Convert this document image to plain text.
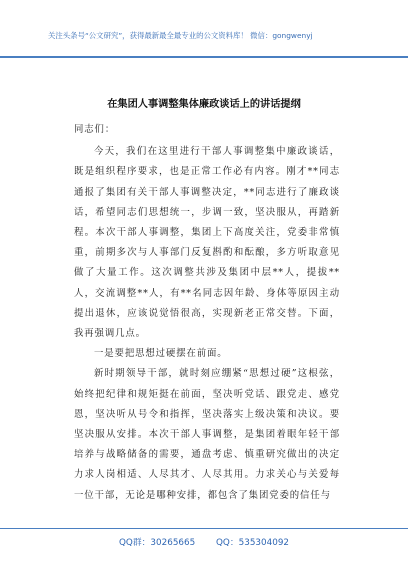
关注头条号“公文研究”，获得最新最全最专业的公文资料库！ 微信：gongwenyj
在集团人事调整集体廉政谈话上的讲话提纲

同志们：

今天，我们在这里进行干部人事调整集中廉政谈话，既是组织程序要求，也是正常工作必有内容。刚才**同志通报了集团有关干部人事调整决定，**同志进行了廉政谈话，希望同志们思想统一，步调一致，坚决服从，再踏新程。本次干部人事调整，集团上下高度关注，党委非常慎重，前期多次与人事部门反复斟酌和酝酿，多方听取意见做了大量工作。这次调整共涉及集团中层**人，提拔**人，交流调整**人，有**名同志因年龄、身体等原因主动提出退休，应该说觉悟很高，实现新老正常交替。下面，我再强调几点。

一是要把思想过硬摆在前面。

新时期领导干部，就时刻应绷紧“思想过硬”这根弦，始终把纪律和规矩挺在前面，坚决听党话、跟党走、感党恩，坚决听从号令和指挥，坚决落实上级决策和决议。要坚决服从安排。本次干部人事调整，是集团着眼年轻干部培养与战略储备的需要，通盘考虑、慎重研究做出的决定力求人岗相适、人尽其才、人尽其用。力求关心与关爱每一位干部，无论是哪种安排，都包含了集团党委的信任与

QQ群：30265665 QQ：535304092
